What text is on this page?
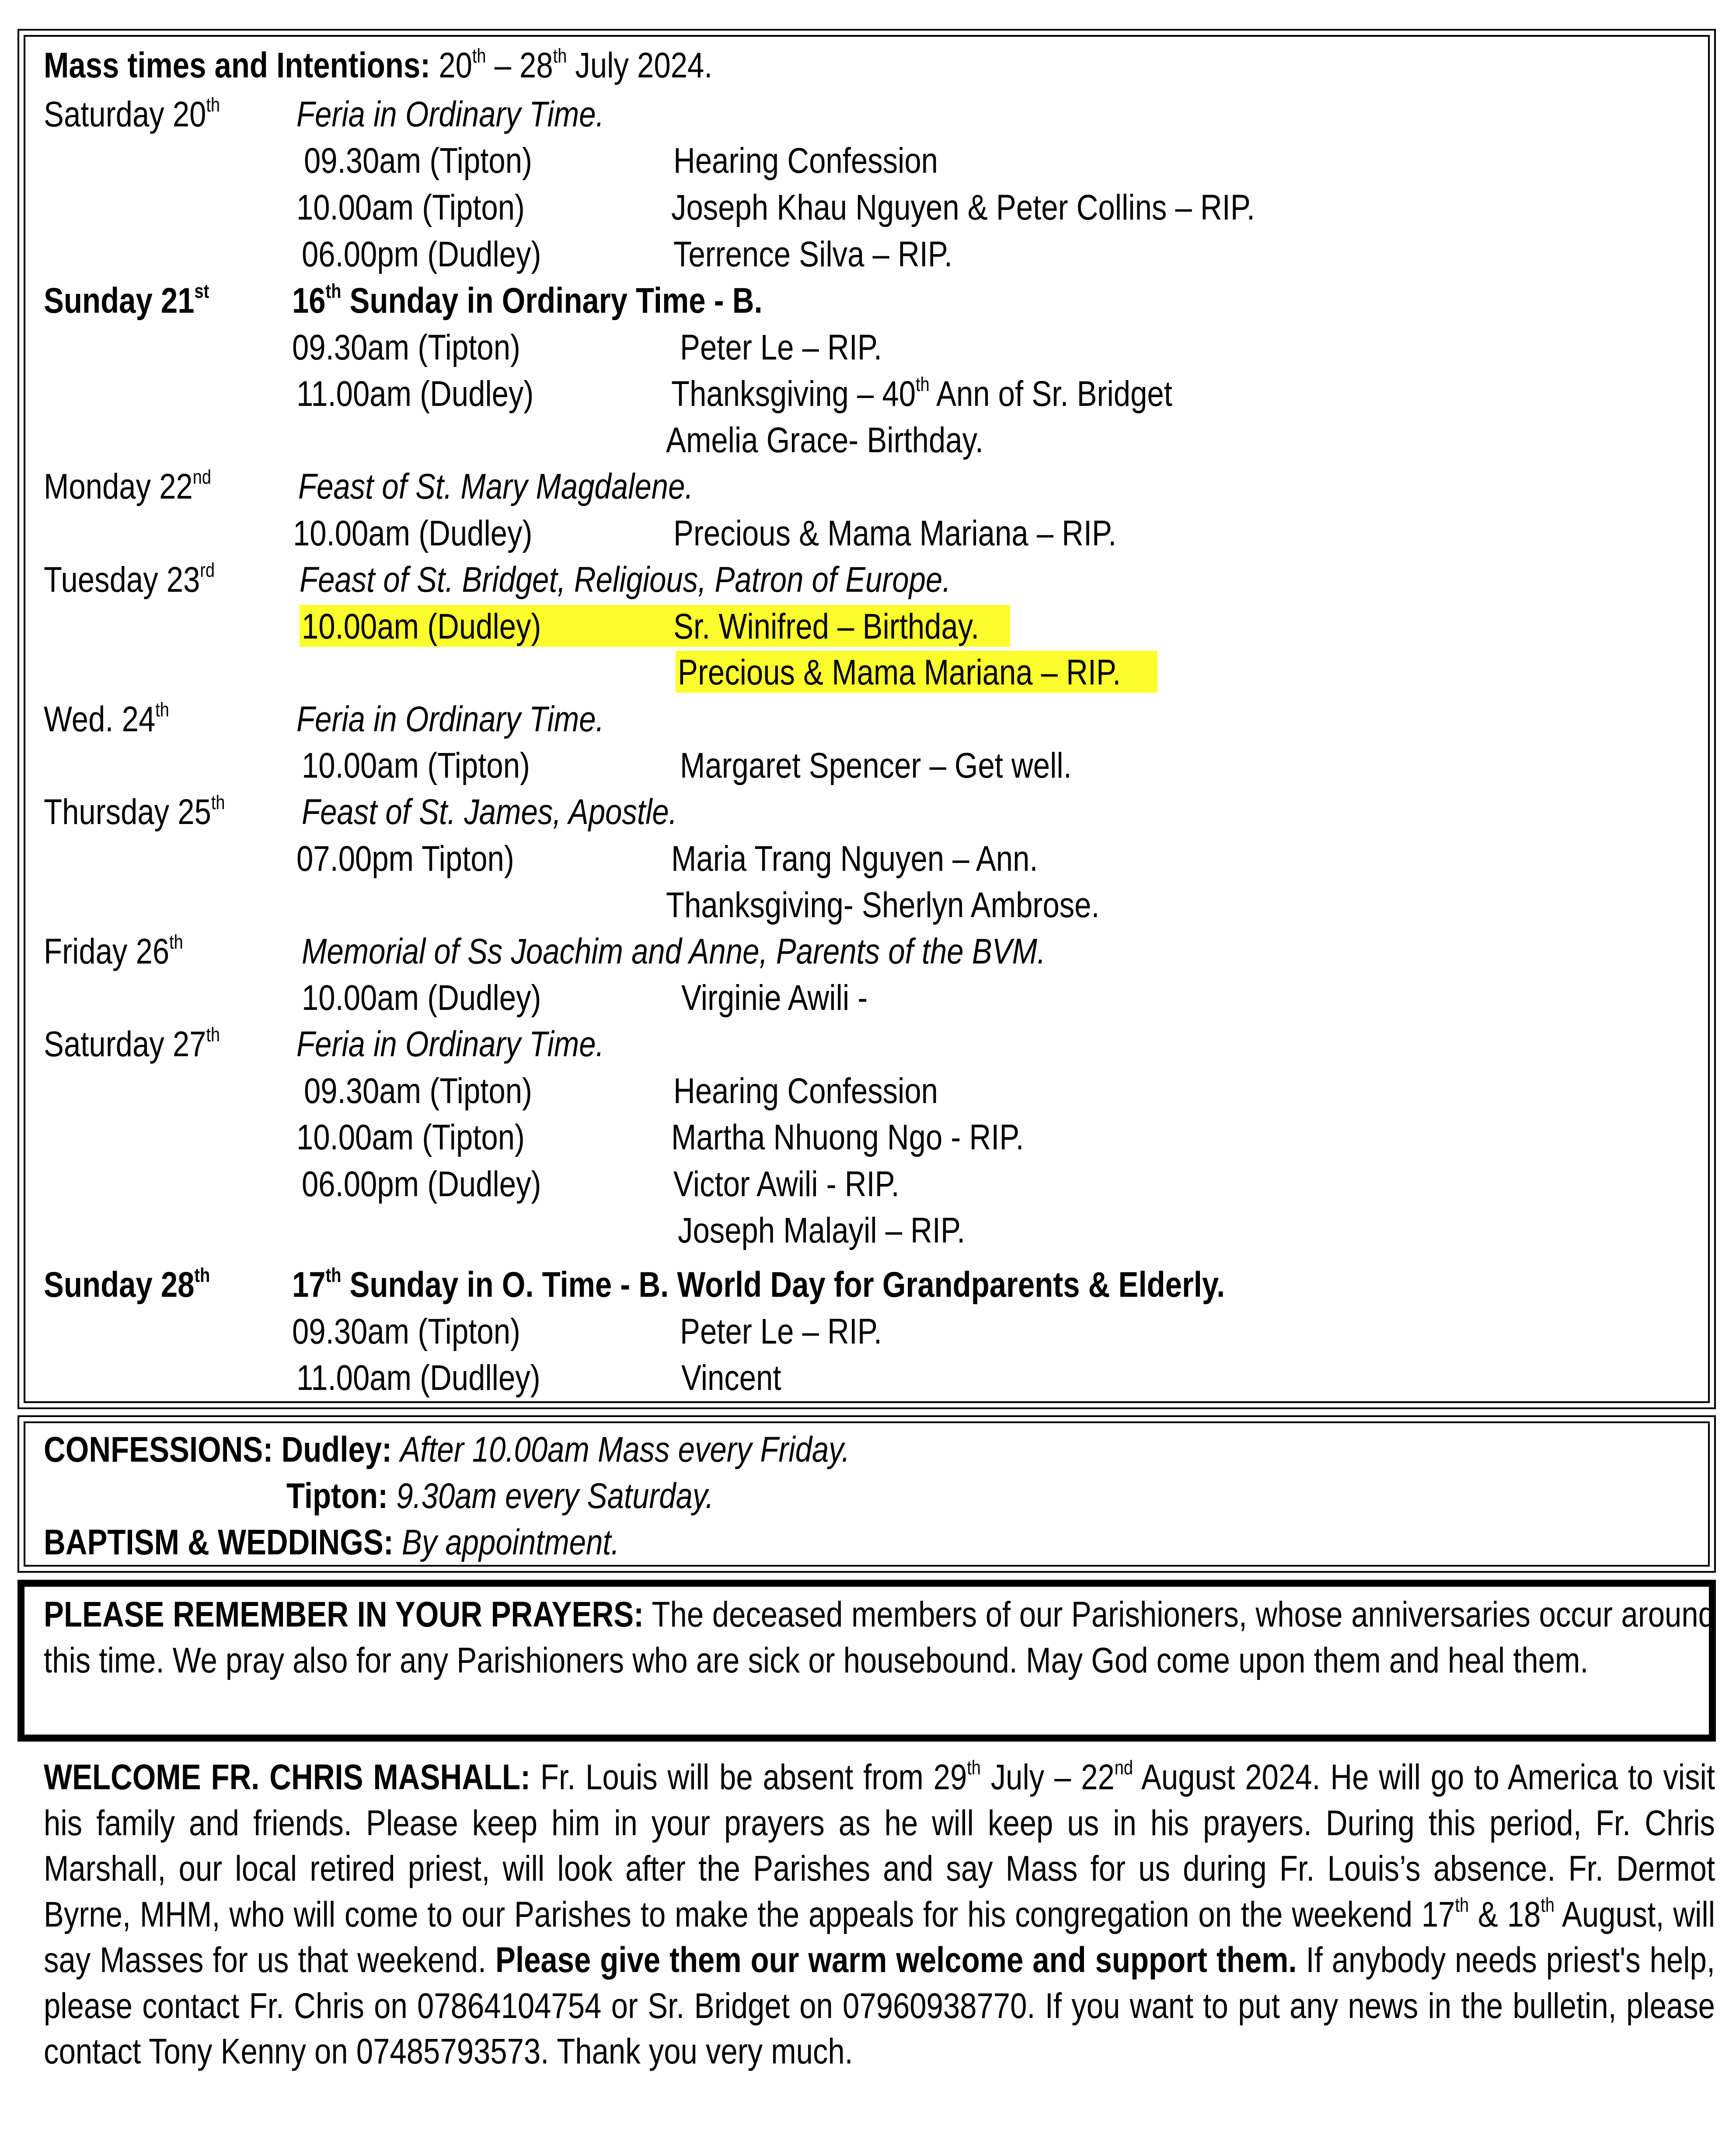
Mass times and Intentions: 20th – 28th July 2024.
Saturday 20th Feria in Ordinary Time.
09.30am (Tipton)	Hearing Confession
10.00am (Tipton)	Joseph Khau Nguyen & Peter Collins – RIP.
06.00pm (Dudley)	Terrence Silva – RIP.
Sunday 21st 16th Sunday in Ordinary Time - B.
09.30am (Tipton)	Peter Le – RIP.
11.00am (Dudley)	Thanksgiving – 40th Ann of Sr. Bridget
Amelia Grace- Birthday.
Monday 22nd Feast of St. Mary Magdalene.
10.00am (Dudley)	Precious & Mama Mariana – RIP.
Tuesday 23rd Feast of St. Bridget, Religious, Patron of Europe.
10.00am (Dudley)	Sr. Winifred – Birthday.
Precious & Mama Mariana – RIP.
Wed. 24th	Feria in Ordinary Time.
10.00am (Tipton)	Margaret Spencer – Get well.
Thursday 25th Feast of St. James, Apostle.
07.00pm Tipton)	Maria Trang Nguyen – Ann.
Thanksgiving- Sherlyn Ambrose.
Friday 26th	Memorial of Ss Joachim and Anne, Parents of the BVM.
10.00am (Dudley)	Virginie Awili -
Saturday 27th Feria in Ordinary Time.
09.30am (Tipton)	Hearing Confession
10.00am (Tipton)	Martha Nhuong Ngo - RIP.
06.00pm (Dudley)	Victor Awili - RIP.
Joseph Malayil – RIP.
Sunday 28th 17th Sunday in O. Time - B. World Day for Grandparents & Elderly.
09.30am (Tipton)	Peter Le – RIP.
11.00am (Dudlley)	Vincent
CONFESSIONS: Dudley: After 10.00am Mass every Friday.
Tipton: 9.30am every Saturday.
BAPTISM & WEDDINGS: By appointment.
PLEASE REMEMBER IN YOUR PRAYERS: The deceased members of our Parishioners, whose anniversaries occur around this time. We pray also for any Parishioners who are sick or housebound. May God come upon them and heal them.
WELCOME FR. CHRIS MASHALL: Fr. Louis will be absent from 29th July – 22nd August 2024. He will go to America to visit his family and friends. Please keep him in your prayers as he will keep us in his prayers. During this period, Fr. Chris Marshall, our local retired priest, will look after the Parishes and say Mass for us during Fr. Louis’s absence. Fr. Dermot Byrne, MHM, who will come to our Parishes to make the appeals for his congregation on the weekend 17th & 18th August, will say Masses for us that weekend. Please give them our warm welcome and support them. If anybody needs priest's help, please contact Fr. Chris on 07864104754 or Sr. Bridget on 07960938770. If you want to put any news in the bulletin, please contact Tony Kenny on 07485793573. Thank you very much.
